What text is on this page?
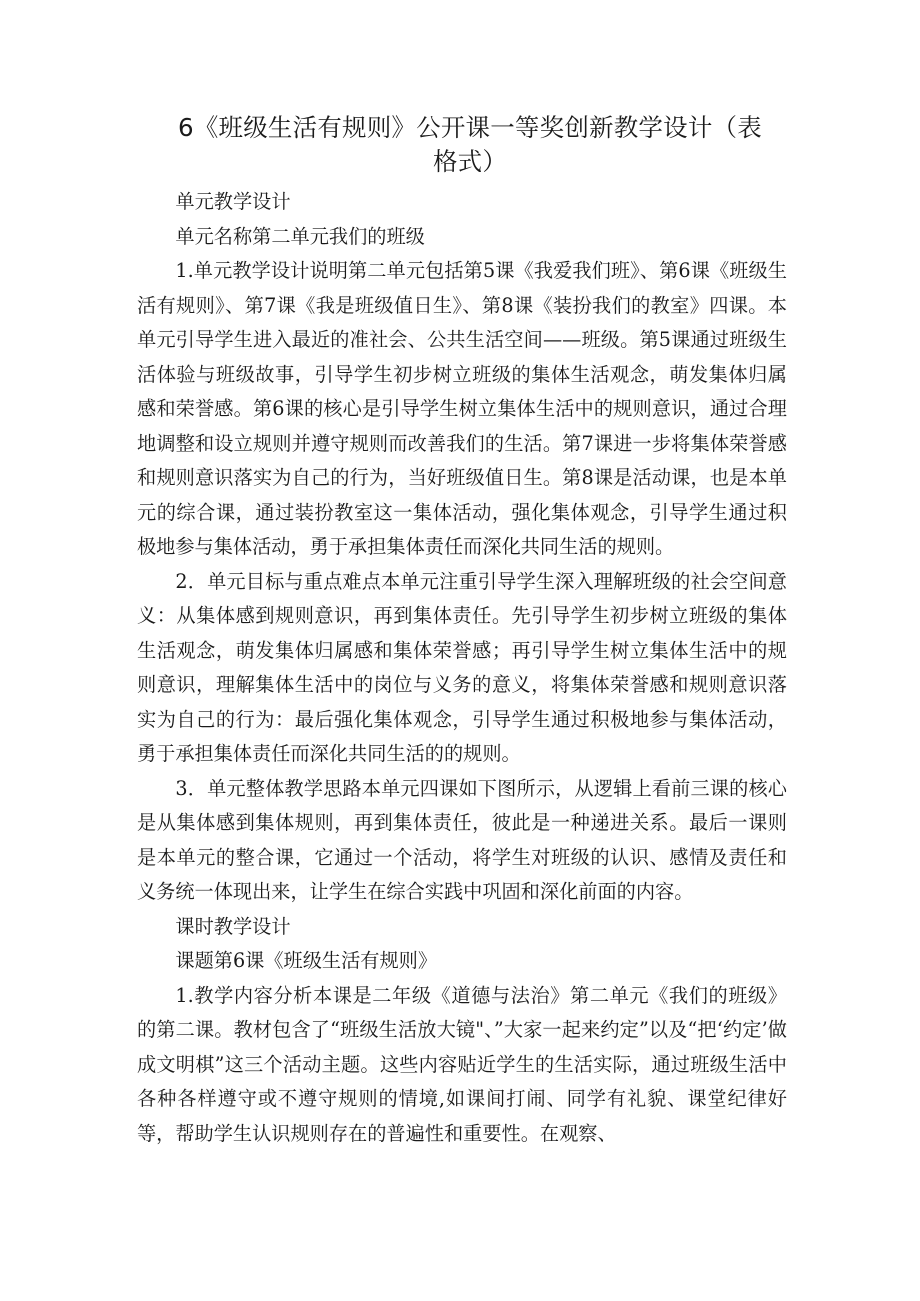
6《班级生活有规则》公开课一等奖创新教学设计（表格式）

单元教学设计

单元名称第二单元我们的班级

1.单元教学设计说明第二单元包括第5课《我爱我们班》、第6课《班级生活有规则》、第7课《我是班级值日生》、第8课《装扮我们的教室》四课。本单元引导学生进入最近的准社会、公共生活空间——班级。第5课通过班级生活体验与班级故事，引导学生初步树立班级的集体生活观念，萌发集体归属感和荣誉感。第6课的核心是引导学生树立集体生活中的规则意识，通过合理地调整和设立规则并遵守规则而改善我们的生活。第7课进一步将集体荣誉感和规则意识落实为自己的行为，当好班级值日生。第8课是活动课，也是本单元的综合课，通过装扮教室这一集体活动，强化集体观念，引导学生通过积极地参与集体活动，勇于承担集体责任而深化共同生活的规则。

2．单元目标与重点难点本单元注重引导学生深入理解班级的社会空间意义：从集体感到规则意识，再到集体责任。先引导学生初步树立班级的集体生活观念，萌发集体归属感和集体荣誉感；再引导学生树立集体生活中的规则意识，理解集体生活中的岗位与义务的意义，将集体荣誉感和规则意识落实为自己的行为：最后强化集体观念，引导学生通过积极地参与集体活动，勇于承担集体责任而深化共同生活的的规则。

3．单元整体教学思路本单元四课如下图所示，从逻辑上看前三课的核心是从集体感到集体规则，再到集体责任，彼此是一种递进关系。最后一课则是本单元的整合课，它通过一个活动，将学生对班级的认识、感情及责任和义务统一体现出来，让学生在综合实践中巩固和深化前面的内容。

课时教学设计

课题第6课《班级生活有规则》

1.教学内容分析本课是二年级《道德与法治》第二单元《我们的班级》的第二课。教材包含了“班级生活放大镜"、”大家一起来约定”以及“把‘约定’做成文明棋”这三个活动主题。这些内容贴近学生的生活实际，通过班级生活中各种各样遵守或不遵守规则的情境,如课间打闹、同学有礼貌、课堂纪律好等，帮助学生认识规则存在的普遍性和重要性。在观察、
